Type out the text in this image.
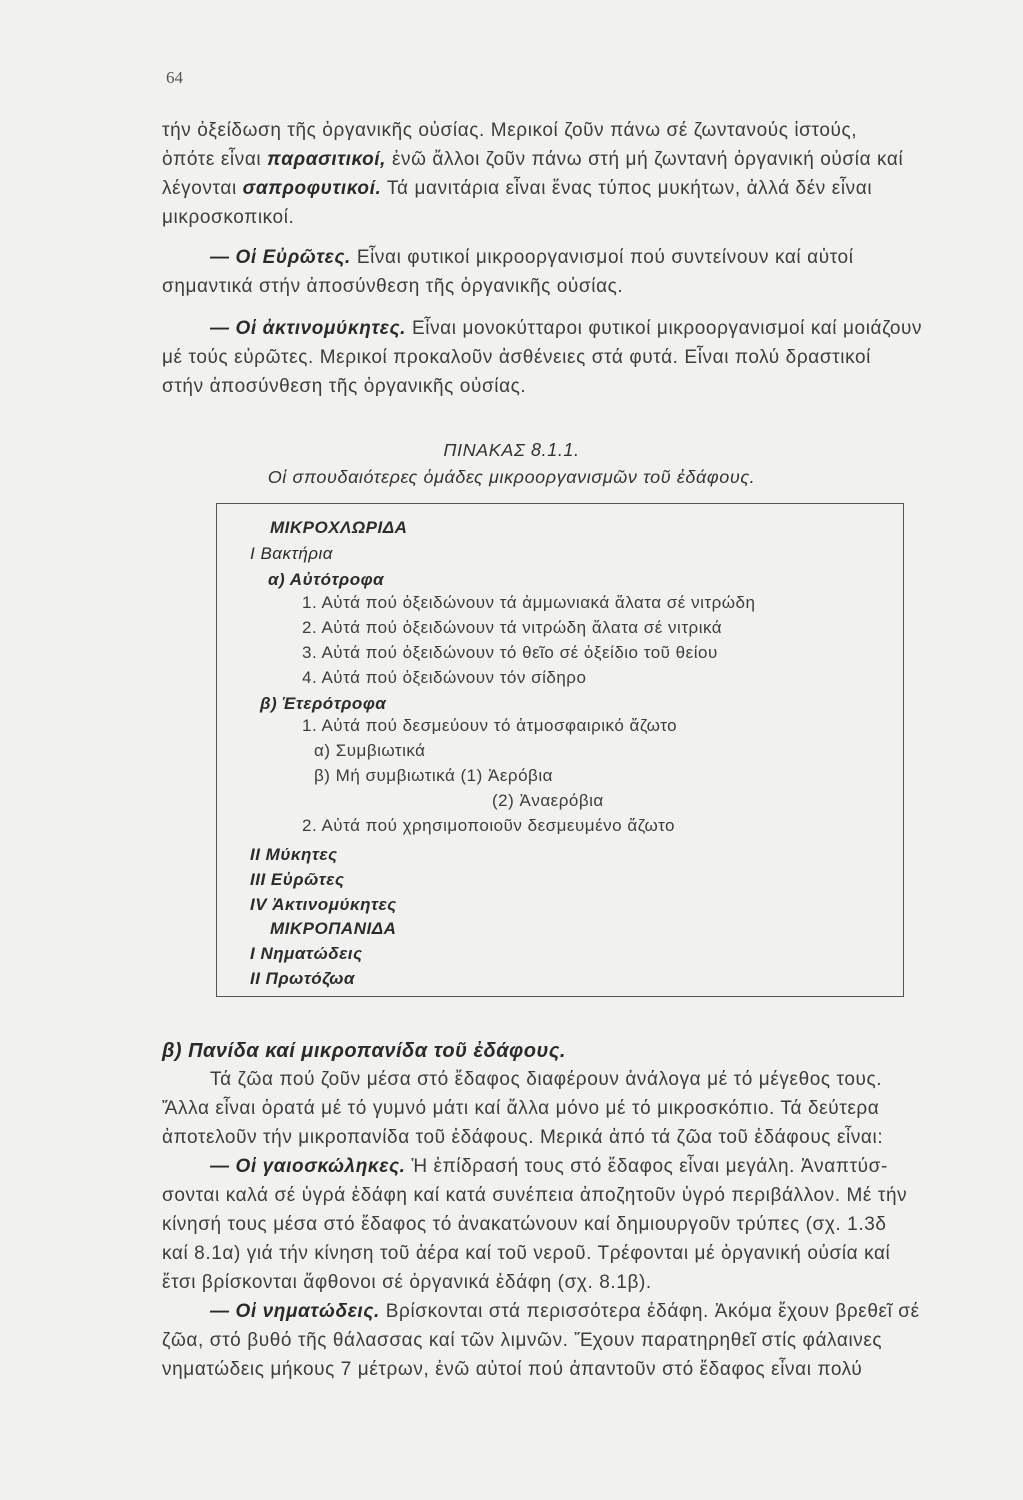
64
τήν ὀξείδωση τῆς ὀργανικῆς οὐσίας. Μερικοί ζοῦν πάνω σέ ζωντανούς ἱστούς,
ὁπότε εἶναι παρασιτικοί, ἐνῶ ἄλλοι ζοῦν πάνω στή μή ζωντανή ὀργανική οὐσία καί
λέγονται σαπροφυτικοί. Τά μανιτάρια εἶναι ἕνας τύπος μυκήτων, ἀλλά δέν εἶναι
μικροσκοπικοί.
— Οἱ Εὐρῶτες. Εἶναι φυτικοί μικροοργανισμοί πού συντείνουν καί αὐτοί
σημαντικά στήν ἀποσύνθεση τῆς ὀργανικῆς οὐσίας.
— Οἱ ἀκτινομύκητες. Εἶναι μονοκύτταροι φυτικοί μικροοργανισμοί καί μοιάζουν
μέ τούς εὐρῶτες. Μερικοί προκαλοῦν ἀσθένειες στά φυτά. Εἶναι πολύ δραστικοί
στήν ἀποσύνθεση τῆς ὀργανικῆς οὐσίας.
ΠΙΝΑΚΑΣ 8.1.1.
Οἱ σπουδαιότερες ὁμάδες μικροοργανισμῶν τοῦ ἐδάφους.
ΜΙΚΡΟΧΛΩΡΙΔΑ
Ι Βακτήρια
α) Αὐτότροφα
1. Αὐτά πού ὀξειδώνουν τά ἀμμωνιακά ἅλατα σέ νιτρώδη
2. Αὐτά πού ὀξειδώνουν τά νιτρώδη ἅλατα σέ νιτρικά
3. Αὐτά πού ὀξειδώνουν τό θεῖο σέ ὀξείδιο τοῦ θείου
4. Αὐτά πού ὀξειδώνουν τόν σίδηρο
β) Ἑτερότροφα
1. Αὐτά πού δεσμεύουν τό ἀτμοσφαιρικό ἄζωτο
α) Συμβιωτικά
β) Μή συμβιωτικά (1) Ἀερόβια
(2) Ἀναερόβια
2. Αὐτά πού χρησιμοποιοῦν δεσμευμένο ἄζωτο
ΙΙ Μύκητες
ΙΙΙ Εὐρῶτες
ΙV Ἀκτινομύκητες
ΜΙΚΡΟΠΑΝΙΔΑ
Ι Νηματώδεις
ΙΙ Πρωτόζωα
β) Πανίδα καί μικροπανίδα τοῦ ἐδάφους.
Τά ζῶα πού ζοῦν μέσα στό ἔδαφος διαφέρουν ἀνάλογα μέ τό μέγεθος τους.
Ἄλλα εἶναι ὁρατά μέ τό γυμνό μάτι καί ἄλλα μόνο μέ τό μικροσκόπιο. Τά δεύτερα
ἀποτελοῦν τήν μικροπανίδα τοῦ ἐδάφους. Μερικά ἀπό τά ζῶα τοῦ ἐδάφους εἶναι:
— Οἱ γαιοσκώληκες. Ἡ ἐπίδρασή τους στό ἔδαφος εἶναι μεγάλη. Ἀναπτύσ-
σονται καλά σέ ὑγρά ἐδάφη καί κατά συνέπεια ἀποζητοῦν ὑγρό περιβάλλον. Μέ τήν
κίνησή τους μέσα στό ἔδαφος τό ἀνακατώνουν καί δημιουργοῦν τρύπες (σχ. 1.3δ
καί 8.1α) γιά τήν κίνηση τοῦ ἀέρα καί τοῦ νεροῦ. Τρέφονται μέ ὀργανική οὐσία καί
ἔτσι βρίσκονται ἄφθονοι σέ ὀργανικά ἐδάφη (σχ. 8.1β).
— Οἱ νηματώδεις. Βρίσκονται στά περισσότερα ἐδάφη. Ἀκόμα ἔχουν βρεθεῖ σέ
ζῶα, στό βυθό τῆς θάλασσας καί τῶν λιμνῶν. Ἔχουν παρατηρηθεῖ στίς φάλαινες
νηματώδεις μήκους 7 μέτρων, ἐνῶ αὐτοί πού ἀπαντοῦν στό ἔδαφος εἶναι πολύ
